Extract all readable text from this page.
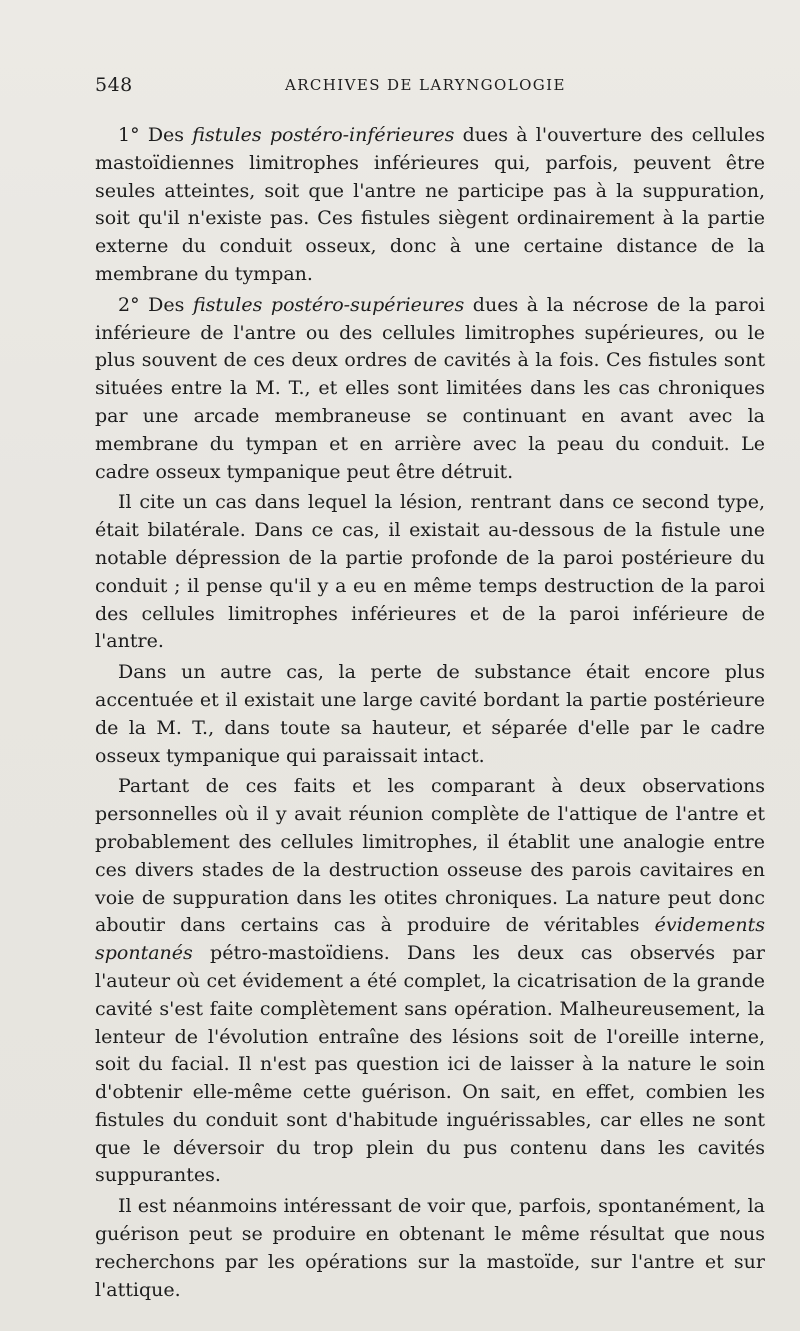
548	ARCHIVES DE LARYNGOLOGIE

1° Des fistules postéro-inférieures dues à l'ouverture des cellules mastoïdiennes limitrophes inférieures qui, parfois, peuvent être seules atteintes, soit que l'antre ne participe pas à la suppuration, soit qu'il n'existe pas. Ces fistules siègent ordinairement à la partie externe du conduit osseux, donc à une certaine distance de la membrane du tympan.

2° Des fistules postéro-supérieures dues à la nécrose de la paroi inférieure de l'antre ou des cellules limitrophes supérieures, ou le plus souvent de ces deux ordres de cavités à la fois. Ces fistules sont situées entre la M. T., et elles sont limitées dans les cas chroniques par une arcade membraneuse se continuant en avant avec la membrane du tympan et en arrière avec la peau du conduit. Le cadre osseux tympanique peut être détruit.

Il cite un cas dans lequel la lésion, rentrant dans ce second type, était bilatérale. Dans ce cas, il existait au-dessous de la fistule une notable dépression de la partie profonde de la paroi postérieure du conduit ; il pense qu'il y a eu en même temps destruction de la paroi des cellules limitrophes inférieures et de la paroi inférieure de l'antre.

Dans un autre cas, la perte de substance était encore plus accentuée et il existait une large cavité bordant la partie postérieure de la M. T., dans toute sa hauteur, et séparée d'elle par le cadre osseux tympanique qui paraissait intact.

Partant de ces faits et les comparant à deux observations personnelles où il y avait réunion complète de l'attique de l'antre et probablement des cellules limitrophes, il établit une analogie entre ces divers stades de la destruction osseuse des parois cavitaires en voie de suppuration dans les otites chroniques. La nature peut donc aboutir dans certains cas à produire de véritables évidements spontanés pétro-mastoïdiens. Dans les deux cas observés par l'auteur où cet évidement a été complet, la cicatrisation de la grande cavité s'est faite complètement sans opération. Malheureusement, la lenteur de l'évolution entraîne des lésions soit de l'oreille interne, soit du facial. Il n'est pas question ici de laisser à la nature le soin d'obtenir elle-même cette guérison. On sait, en effet, combien les fistules du conduit sont d'habitude inguérissables, car elles ne sont que le déversoir du trop plein du pus contenu dans les cavités suppurantes.

Il est néanmoins intéressant de voir que, parfois, spontanément, la guérison peut se produire en obtenant le même résultat que nous recherchons par les opérations sur la mastoïde, sur l'antre et sur l'attique.
